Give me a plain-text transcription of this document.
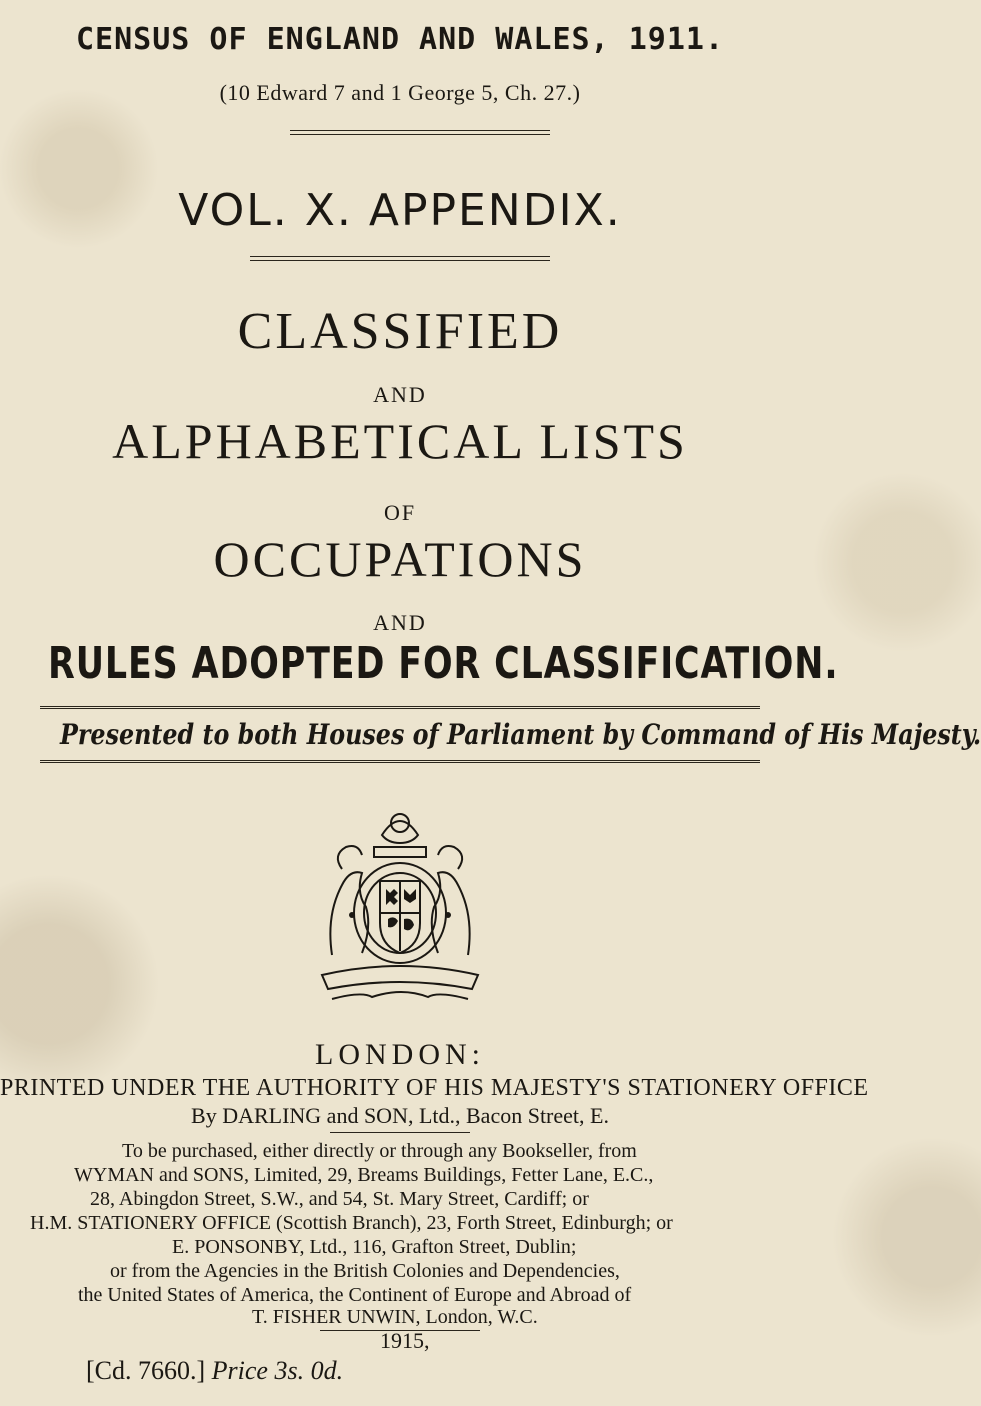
CENSUS OF ENGLAND AND WALES, 1911.
(10 Edward 7 and 1 George 5, Ch. 27.)
VOL. X. APPENDIX.
CLASSIFIED
AND
ALPHABETICAL LISTS
OF
OCCUPATIONS
AND
RULES ADOPTED FOR CLASSIFICATION.
Presented to both Houses of Parliament by Command of His Majesty.
LONDON:
PRINTED UNDER THE AUTHORITY OF HIS MAJESTY'S STATIONERY OFFICE
By DARLING and SON, Ltd., Bacon Street, E.
To be purchased, either directly or through any Bookseller, from
WYMAN and SONS, Limited, 29, Breams Buildings, Fetter Lane, E.C.,
28, Abingdon Street, S.W., and 54, St. Mary Street, Cardiff; or
H.M. STATIONERY OFFICE (Scottish Branch), 23, Forth Street, Edinburgh; or
E. PONSONBY, Ltd., 116, Grafton Street, Dublin;
or from the Agencies in the British Colonies and Dependencies,
the United States of America, the Continent of Europe and Abroad of
T. FISHER UNWIN, London, W.C.
1915,
[Cd. 7660.] Price 3s. 0d.
